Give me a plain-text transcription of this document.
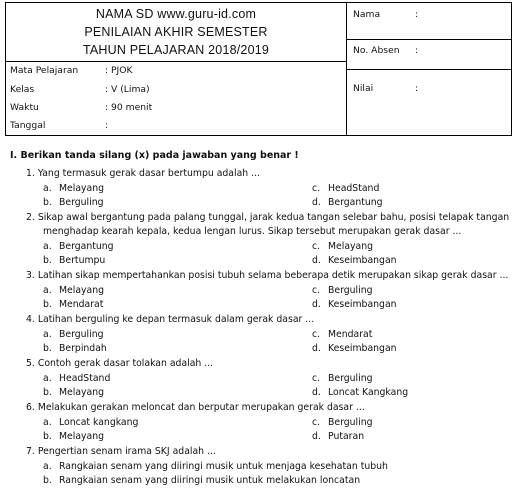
NAMA SD www.guru-id.com
PENILAIAN AKHIR SEMESTER
TAHUN PELAJARAN 2018/2019
Mata Pelajaran	: PJOK
Kelas	: V (Lima)
Waktu	: 90 menit
Tanggal	:
Nama	:
No. Absen :
Nilai	:
I. Berikan tanda silang (x) pada jawaban yang benar !
1. Yang termasuk gerak dasar bertumpu adalah ...
a. Melayang	c. HeadStand
b. Berguling	d. Bergantung
2. Sikap awal bergantung pada palang tunggal, jarak kedua tangan selebar bahu, posisi telapak tangan
menghadap kearah kepala, kedua lengan lurus. Sikap tersebut merupakan gerak dasar ...
a. Bergantung	c. Melayang
b. Bertumpu	d. Keseimbangan
3. Latihan sikap mempertahankan posisi tubuh selama beberapa detik merupakan sikap gerak dasar ...
a. Melayang	c. Berguling
b. Mendarat	d. Keseimbangan
4. Latihan berguling ke depan termasuk dalam gerak dasar ...
a. Berguling	c. Mendarat
b. Berpindah	d. Keseimbangan
5. Contoh gerak dasar tolakan adalah ...
a. HeadStand	c. Berguling
b. Melayang	d. Loncat Kangkang
6. Melakukan gerakan meloncat dan berputar merupakan gerak dasar ...
a. Loncat kangkang	c. Berguling
b. Melayang	d. Putaran
7. Pengertian senam irama SKJ adalah ...
a. Rangkaian senam yang diiringi musik untuk menjaga kesehatan tubuh
b. Rangkaian senam yang diiringi musik untuk melakukan loncatan
